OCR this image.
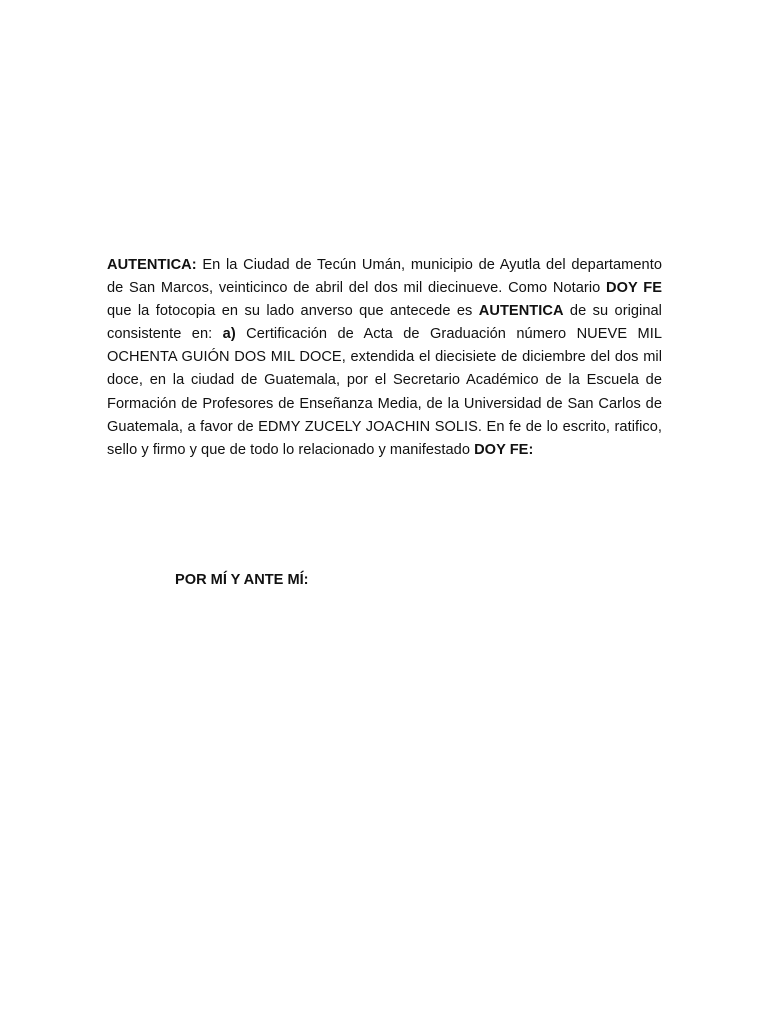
AUTENTICA: En la Ciudad de Tecún Umán, municipio de Ayutla del departamento de San Marcos, veinticinco de abril del dos mil diecinueve. Como Notario DOY FE que la fotocopia en su lado anverso que antecede es AUTENTICA de su original consistente en: a) Certificación de Acta de Graduación número NUEVE MIL OCHENTA GUIÓN DOS MIL DOCE, extendida el diecisiete de diciembre del dos mil doce, en la ciudad de Guatemala, por el Secretario Académico de la Escuela de Formación de Profesores de Enseñanza Media, de la Universidad de San Carlos de Guatemala, a favor de EDMY ZUCELY JOACHIN SOLIS. En fe de lo escrito, ratifico, sello y firmo y que de todo lo relacionado y manifestado DOY FE:

POR MÍ Y ANTE MÍ:
